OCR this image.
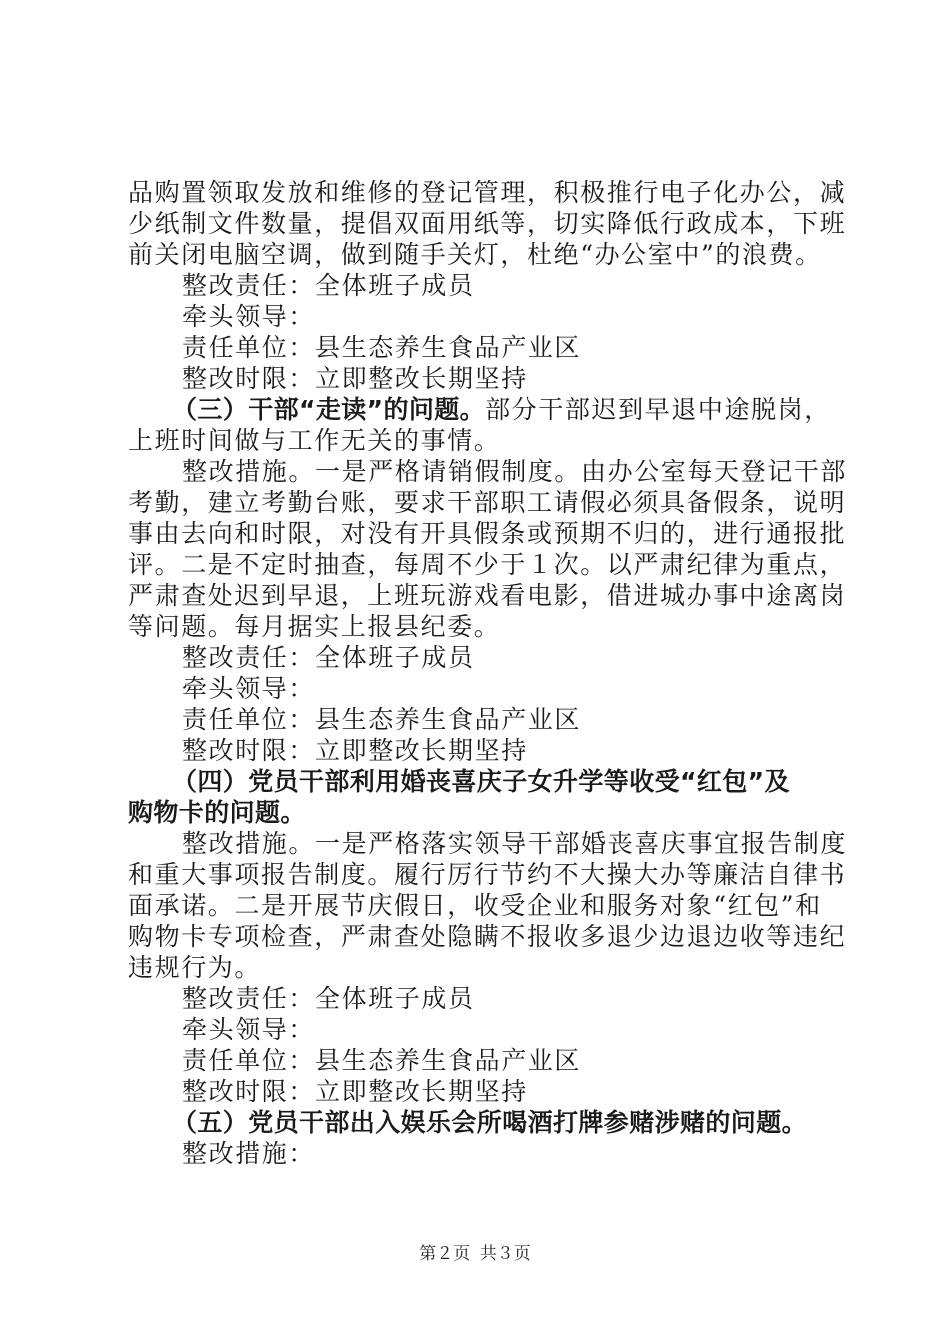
品购置领取发放和维修的登记管理，积极推行电子化办公，减
少纸制文件数量，提倡双面用纸等，切实降低行政成本，下班
前关闭电脑空调，做到随手关灯，杜绝“办公室中”的浪费。
整改责任：全体班子成员
牵头领导：
责任单位：县生态养生食品产业区
整改时限：立即整改长期坚持
（三）干部“走读”的问题。部分干部迟到早退中途脱岗，
上班时间做与工作无关的事情。
整改措施。一是严格请销假制度。由办公室每天登记干部
考勤，建立考勤台账，要求干部职工请假必须具备假条，说明
事由去向和时限，对没有开具假条或预期不归的，进行通报批
评。二是不定时抽查，每周不少于１次。以严肃纪律为重点，
严肃查处迟到早退，上班玩游戏看电影，借进城办事中途离岗
等问题。每月据实上报县纪委。
整改责任：全体班子成员
牵头领导：
责任单位：县生态养生食品产业区
整改时限：立即整改长期坚持
（四）党员干部利用婚丧喜庆子女升学等收受“红包”及
购物卡的问题。
整改措施。一是严格落实领导干部婚丧喜庆事宜报告制度
和重大事项报告制度。履行厉行节约不大操大办等廉洁自律书
面承诺。二是开展节庆假日，收受企业和服务对象“红包”和
购物卡专项检查，严肃查处隐瞒不报收多退少边退边收等违纪
违规行为。
整改责任：全体班子成员
牵头领导：
责任单位：县生态养生食品产业区
整改时限：立即整改长期坚持
（五）党员干部出入娱乐会所喝酒打牌参赌涉赌的问题。
整改措施：
第２页 共３页
